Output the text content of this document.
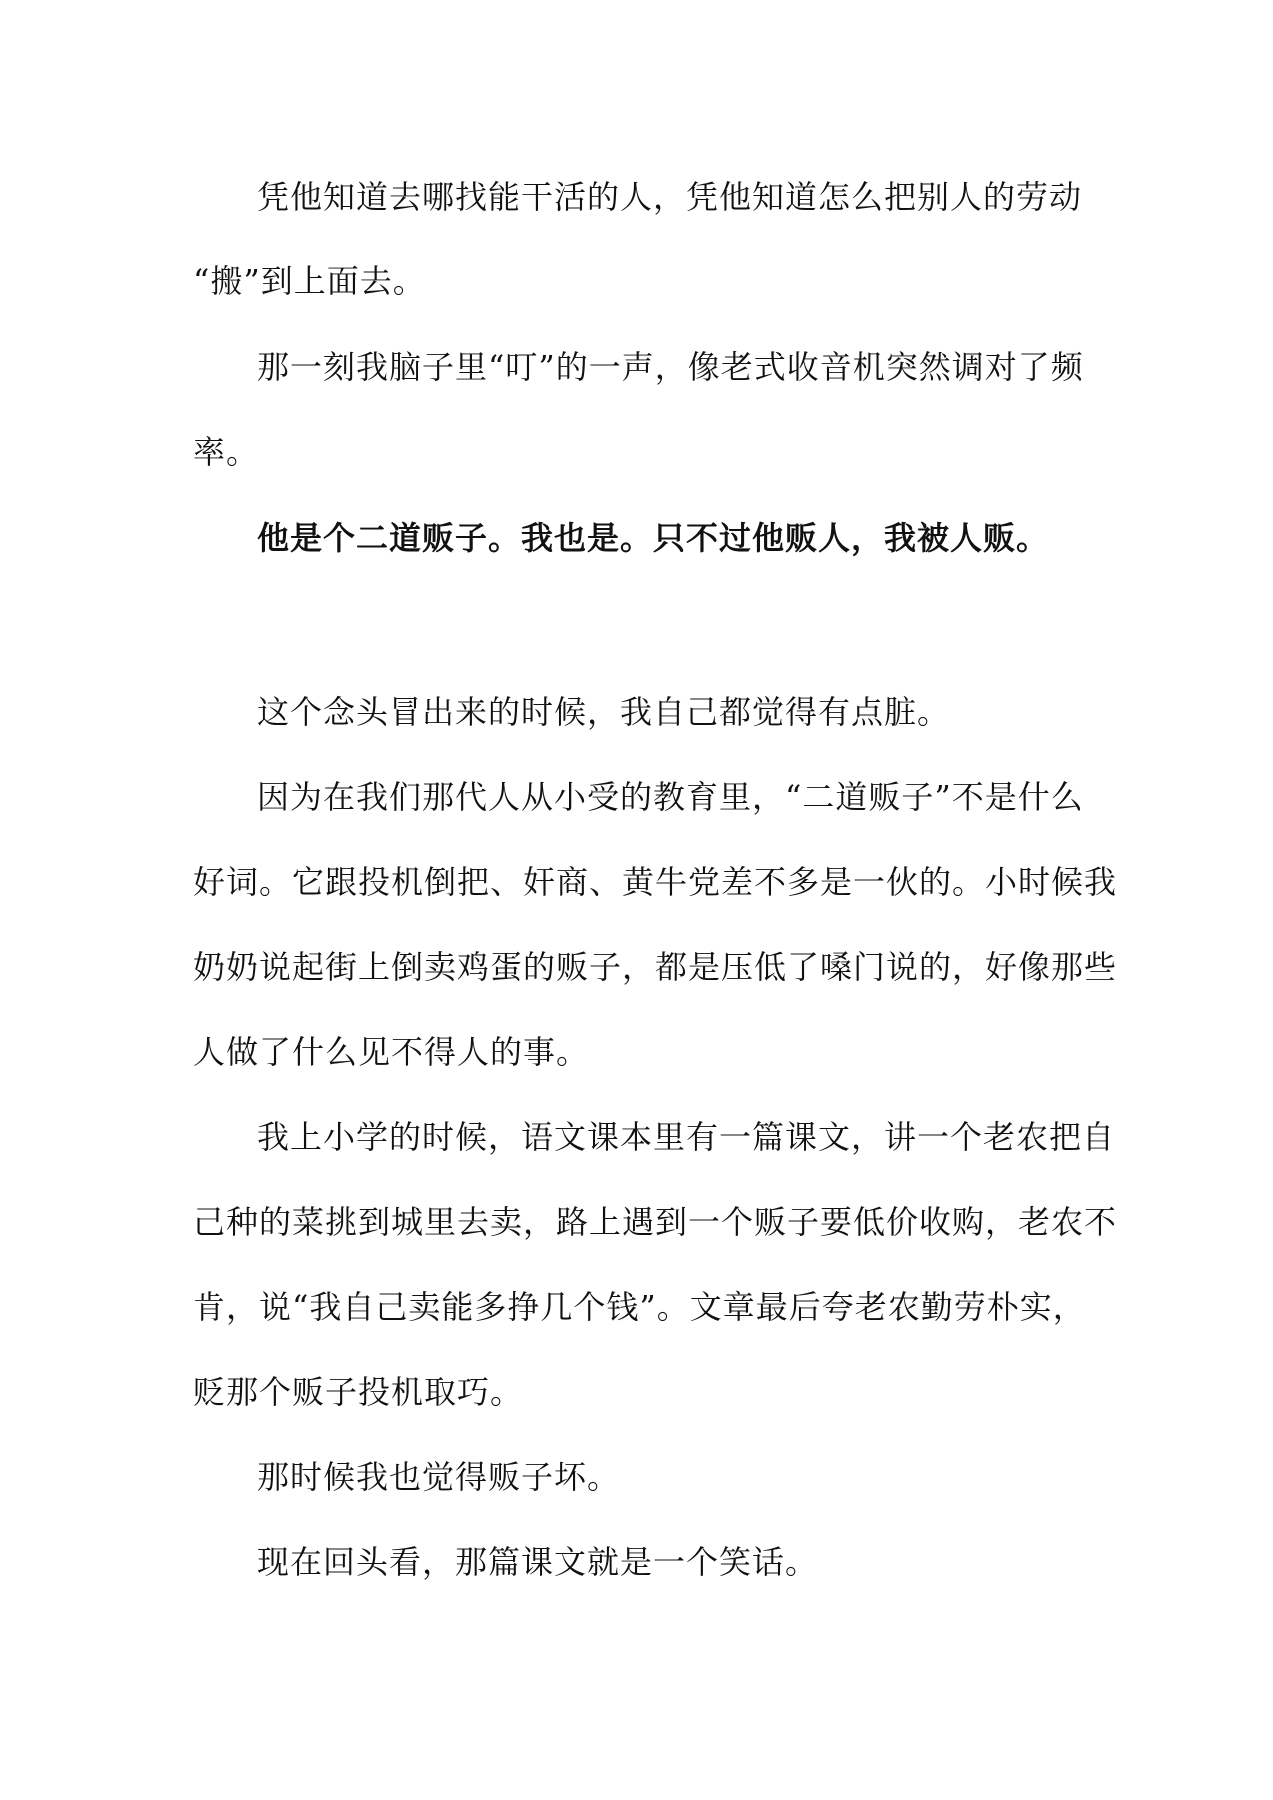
凭他知道去哪找能干活的人，凭他知道怎么把别人的劳动

“搬”到上面去。

那一刻我脑子里“叮”的一声，像老式收音机突然调对了频

率。

他是个二道贩子。我也是。只不过他贩人，我被人贩。

这个念头冒出来的时候，我自己都觉得有点脏。

因为在我们那代人从小受的教育里，“二道贩子”不是什么

好词。它跟投机倒把、奸商、黄牛党差不多是一伙的。小时候我

奶奶说起街上倒卖鸡蛋的贩子，都是压低了嗓门说的，好像那些

人做了什么见不得人的事。

我上小学的时候，语文课本里有一篇课文，讲一个老农把自

己种的菜挑到城里去卖，路上遇到一个贩子要低价收购，老农不

肯，说“我自己卖能多挣几个钱”。文章最后夸老农勤劳朴实，

贬那个贩子投机取巧。

那时候我也觉得贩子坏。

现在回头看，那篇课文就是一个笑话。
